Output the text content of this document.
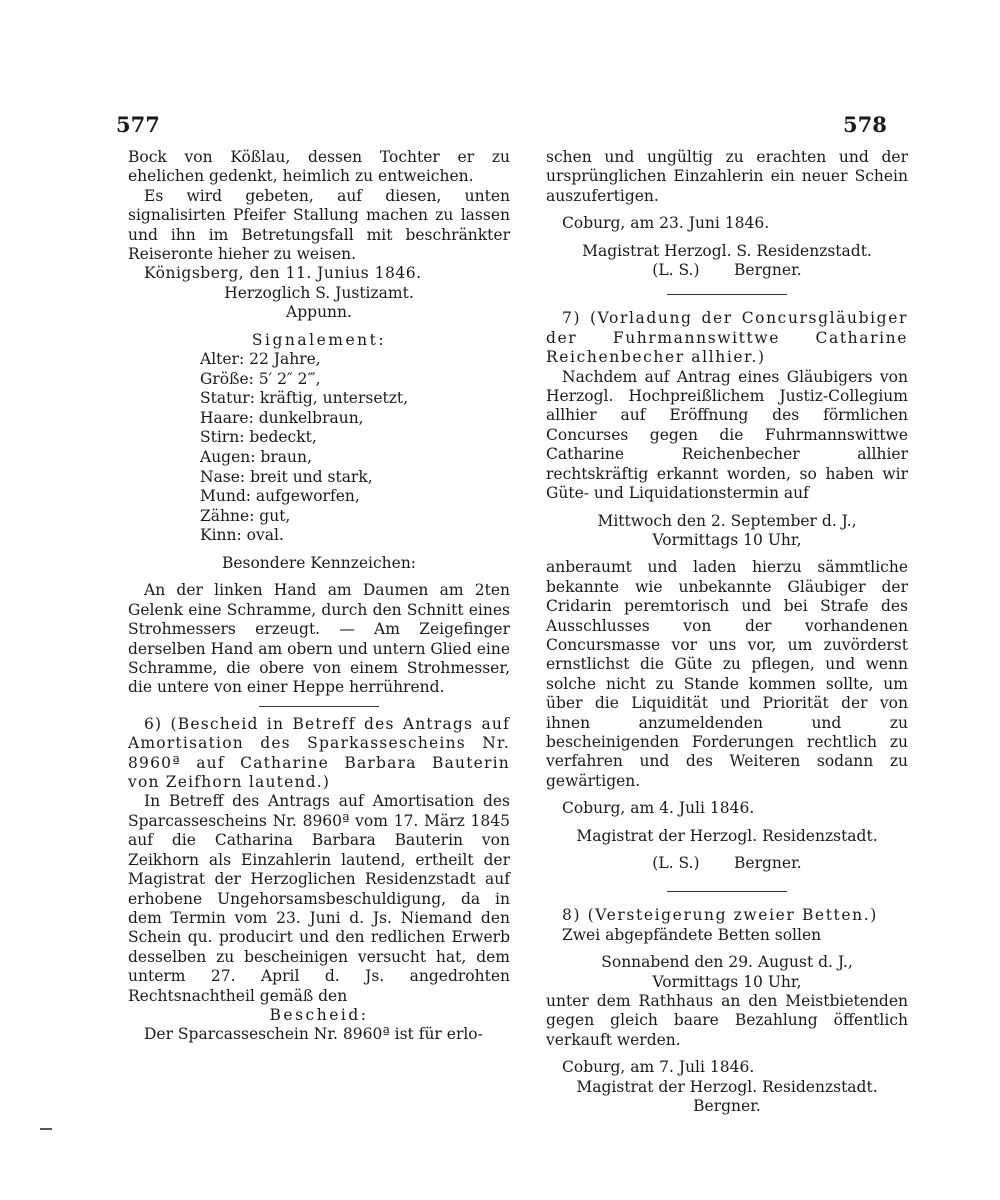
577	578

Bock von Kößlau, dessen Tochter er zu ehelichen gedenkt, heimlich zu entweichen.

Es wird gebeten, auf diesen, unten signalisirten Pfeifer Stallung machen zu lassen und ihn im Betretungsfall mit beschränkter Reiseronte hieher zu weisen.

Königsberg, den 11. Junius 1846.

Herzoglich S. Justizamt.

Appunn.

Signalement:

Alter: 22 Jahre,
Größe: 5′ 2″ 2‴,
Statur: kräftig, untersetzt,
Haare: dunkelbraun,
Stirn: bedeckt,
Augen: braun,
Nase: breit und stark,
Mund: aufgeworfen,
Zähne: gut,
Kinn: oval.

Besondere Kennzeichen:

An der linken Hand am Daumen am 2ten Gelenk eine Schramme, durch den Schnitt eines Strohmessers erzeugt. — Am Zeigefinger derselben Hand am obern und untern Glied eine Schramme, die obere von einem Strohmesser, die untere von einer Heppe herrührend.

6) (Bescheid in Betreff des Antrags auf Amortisation des Sparkassescheins Nr. 8960ª auf Catharine Barbara Bauterin von Zeifhorn lautend.)

In Betreff des Antrags auf Amortisation des Sparcassescheins Nr. 8960ª vom 17. März 1845 auf die Catharina Barbara Bauterin von Zeikhorn als Einzahlerin lautend, ertheilt der Magistrat der Herzoglichen Residenzstadt auf erhobene Ungehorsamsbeschuldigung, da in dem Termin vom 23. Juni d. Js. Niemand den Schein qu. producirt und den redlichen Erwerb desselben zu bescheinigen versucht hat, dem unterm 27. April d. Js. angedrohten Rechtsnachtheil gemäß den

Bescheid:

Der Sparcasseschein Nr. 8960ª ist für erlo-

schen und ungültig zu erachten und der ursprünglichen Einzahlerin ein neuer Schein auszufertigen.

Coburg, am 23. Juni 1846.

Magistrat Herzogl. S. Residenzstadt.

(L. S.) Bergner.

7) (Vorladung der Concursgläubiger der Fuhrmannswittwe Catharine Reichenbecher allhier.)

Nachdem auf Antrag eines Gläubigers von Herzogl. Hochpreißlichem Justiz-Collegium allhier auf Eröffnung des förmlichen Concurses gegen die Fuhrmannswittwe Catharine Reichenbecher allhier rechtskräftig erkannt worden, so haben wir Güte- und Liquidationstermin auf

Mittwoch den 2. September d. J.,

Vormittags 10 Uhr,

anberaumt und laden hierzu sämmtliche bekannte wie unbekannte Gläubiger der Cridarin peremtorisch und bei Strafe des Ausschlusses von der vorhandenen Concursmasse vor uns vor, um zuvörderst ernstlichst die Güte zu pflegen, und wenn solche nicht zu Stande kommen sollte, um über die Liquidität und Priorität der von ihnen anzumeldenden und zu bescheinigenden Forderungen rechtlich zu verfahren und des Weiteren sodann zu gewärtigen.

Coburg, am 4. Juli 1846.

Magistrat der Herzogl. Residenzstadt.

(L. S.) Bergner.

8) (Versteigerung zweier Betten.)

Zwei abgepfändete Betten sollen

Sonnabend den 29. August d. J.,

Vormittags 10 Uhr,

unter dem Rathhaus an den Meistbietenden gegen gleich baare Bezahlung öffentlich verkauft werden.

Coburg, am 7. Juli 1846.

Magistrat der Herzogl. Residenzstadt.

Bergner.
